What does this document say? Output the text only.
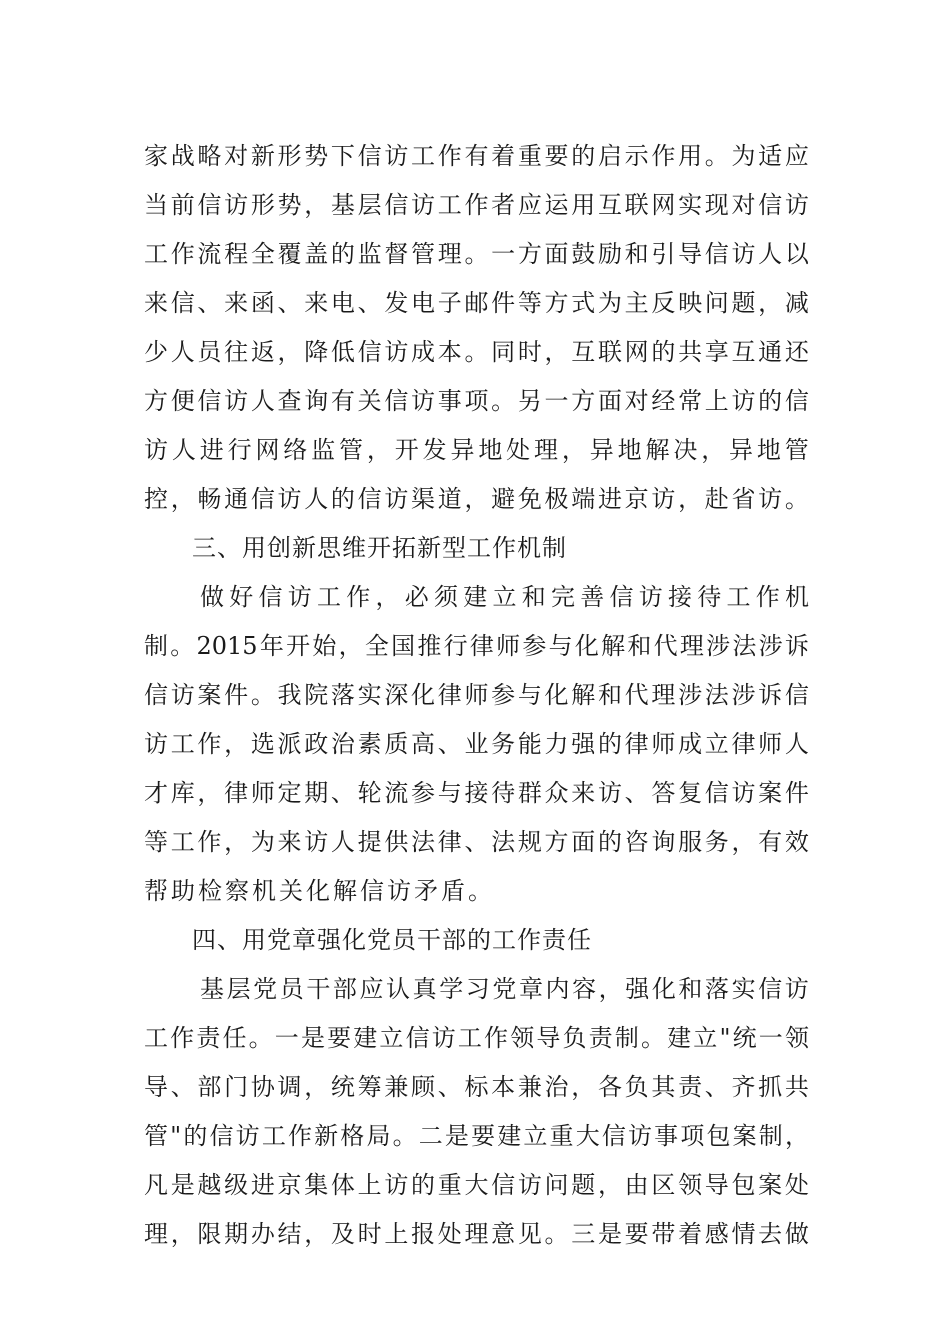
家 战 略 对 新 形 势 下 信 访 工 作 有 着 重 要 的 启 示 作 用 。 为 适 应
当 前 信 访 形 势 ， 基 层 信 访 工 作 者 应 运 用 互 联 网 实 现 对 信 访
工 作 流 程 全 覆 盖 的 监 督 管 理 。 一 方 面 鼓 励 和 引 导 信 访 人 以
来 信 、 来 函 、 来 电 、 发 电 子 邮 件 等 方 式 为 主 反 映 问 题 ， 减
少 人 员 往 返 ， 降 低 信 访 成 本 。 同 时 ， 互 联 网 的 共 享 互 通 还
方 便 信 访 人 查 询 有 关 信 访 事 项 。 另 一 方 面 对 经 常 上 访 的 信
访 人 进 行 网 络 监 管 ， 开 发 异 地 处 理 ， 异 地 解 决 ， 异 地 管
控 ， 畅 通 信 访 人 的 信 访 渠 道 ， 避 免 极 端 进 京 访 ， 赴 省 访 。
三、用创新思维开拓新型工作机制
做 好 信 访 工 作 ， 必 须 建 立 和 完 善 信 访 接 待 工 作 机
制 。 2015 年 开 始 ， 全 国 推 行 律 师 参 与 化 解 和 代 理 涉 法 涉 诉
信 访 案 件 。 我 院 落 实 深 化 律 师 参 与 化 解 和 代 理 涉 法 涉 诉 信
访 工 作 ， 选 派 政 治 素 质 高 、 业 务 能 力 强 的 律 师 成 立 律 师 人
才 库 ， 律 师 定 期 、 轮 流 参 与 接 待 群 众 来 访 、 答 复 信 访 案 件
等 工 作 ， 为 来 访 人 提 供 法 律 、 法 规 方 面 的 咨 询 服 务 ， 有 效
帮助检察机关化解信访矛盾。
四、用党章强化党员干部的工作责任
基 层 党 员 干 部 应 认 真 学 习 党 章 内 容 ， 强 化 和 落 实 信 访
工 作 责 任 。 一 是 要 建 立 信 访 工 作 领 导 负 责 制 。 建 立 " 统 一 领
导 、 部 门 协 调 ， 统 筹 兼 顾 、 标 本 兼 治 ， 各 负 其 责 、 齐 抓 共
管 " 的 信 访 工 作 新 格 局 。 二 是 要 建 立 重 大 信 访 事 项 包 案 制 ，
凡 是 越 级 进 京 集 体 上 访 的 重 大 信 访 问 题 ， 由 区 领 导 包 案 处
理 ， 限 期 办 结 ， 及 时 上 报 处 理 意 见 。 三 是 要 带 着 感 情 去 做
